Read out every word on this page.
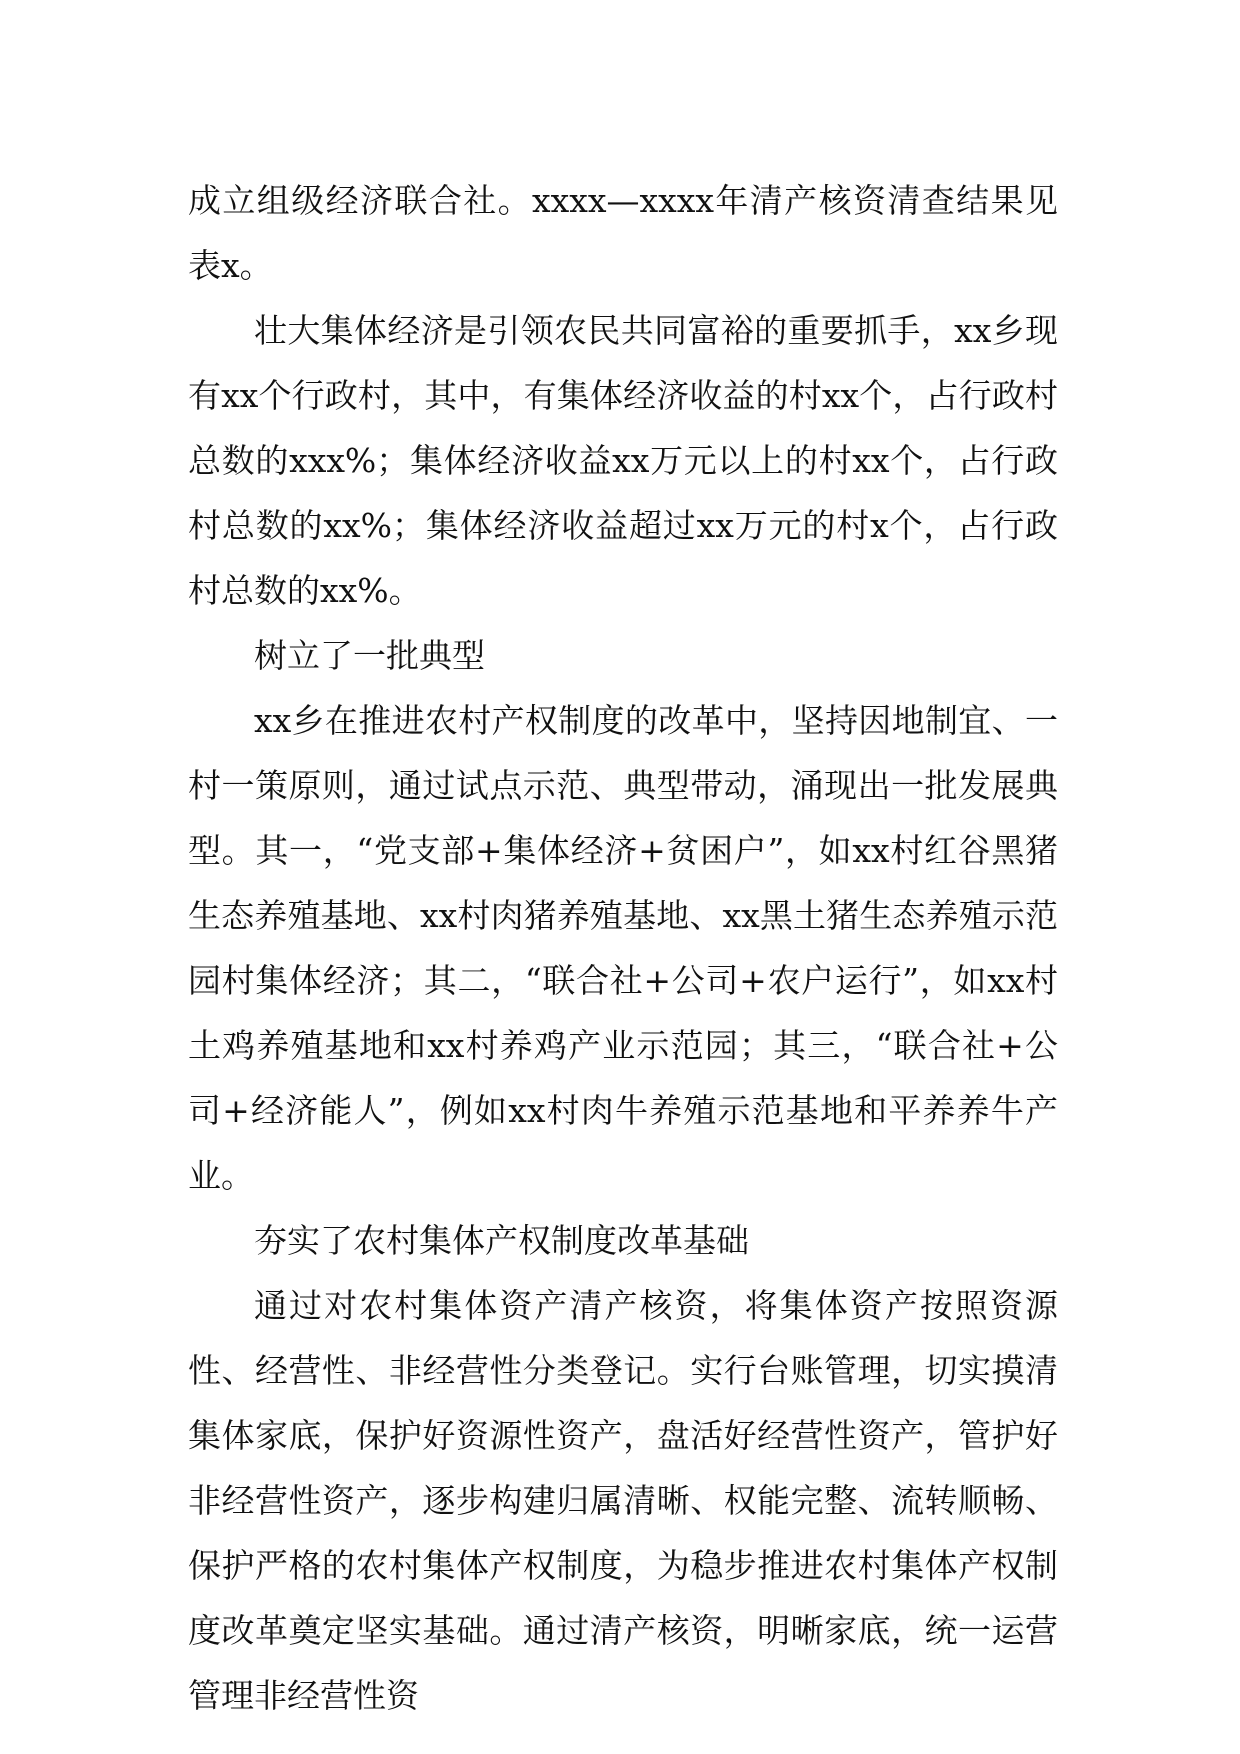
成立组级经济联合社。xxxx—xxxx年清产核资清查结果见表x。

壮大集体经济是引领农民共同富裕的重要抓手，xx乡现有xx个行政村，其中，有集体经济收益的村xx个，占行政村总数的xxx%；集体经济收益xx万元以上的村xx个，占行政村总数的xx%；集体经济收益超过xx万元的村x个，占行政村总数的xx%。

树立了一批典型

xx乡在推进农村产权制度的改革中，坚持因地制宜、一村一策原则，通过试点示范、典型带动，涌现出一批发展典型。其一，“党支部+集体经济+贫困户”，如xx村红谷黑猪生态养殖基地、xx村肉猪养殖基地、xx黑土猪生态养殖示范园村集体经济；其二，“联合社+公司+农户运行”，如xx村土鸡养殖基地和xx村养鸡产业示范园；其三，“联合社+公司+经济能人”，例如xx村肉牛养殖示范基地和平养养牛产业。

夯实了农村集体产权制度改革基础

通过对农村集体资产清产核资，将集体资产按照资源性、经营性、非经营性分类登记。实行台账管理，切实摸清集体家底，保护好资源性资产，盘活好经营性资产，管护好非经营性资产，逐步构建归属清晰、权能完整、流转顺畅、保护严格的农村集体产权制度，为稳步推进农村集体产权制度改革奠定坚实基础。通过清产核资，明晰家底，统一运营管理非经营性资
